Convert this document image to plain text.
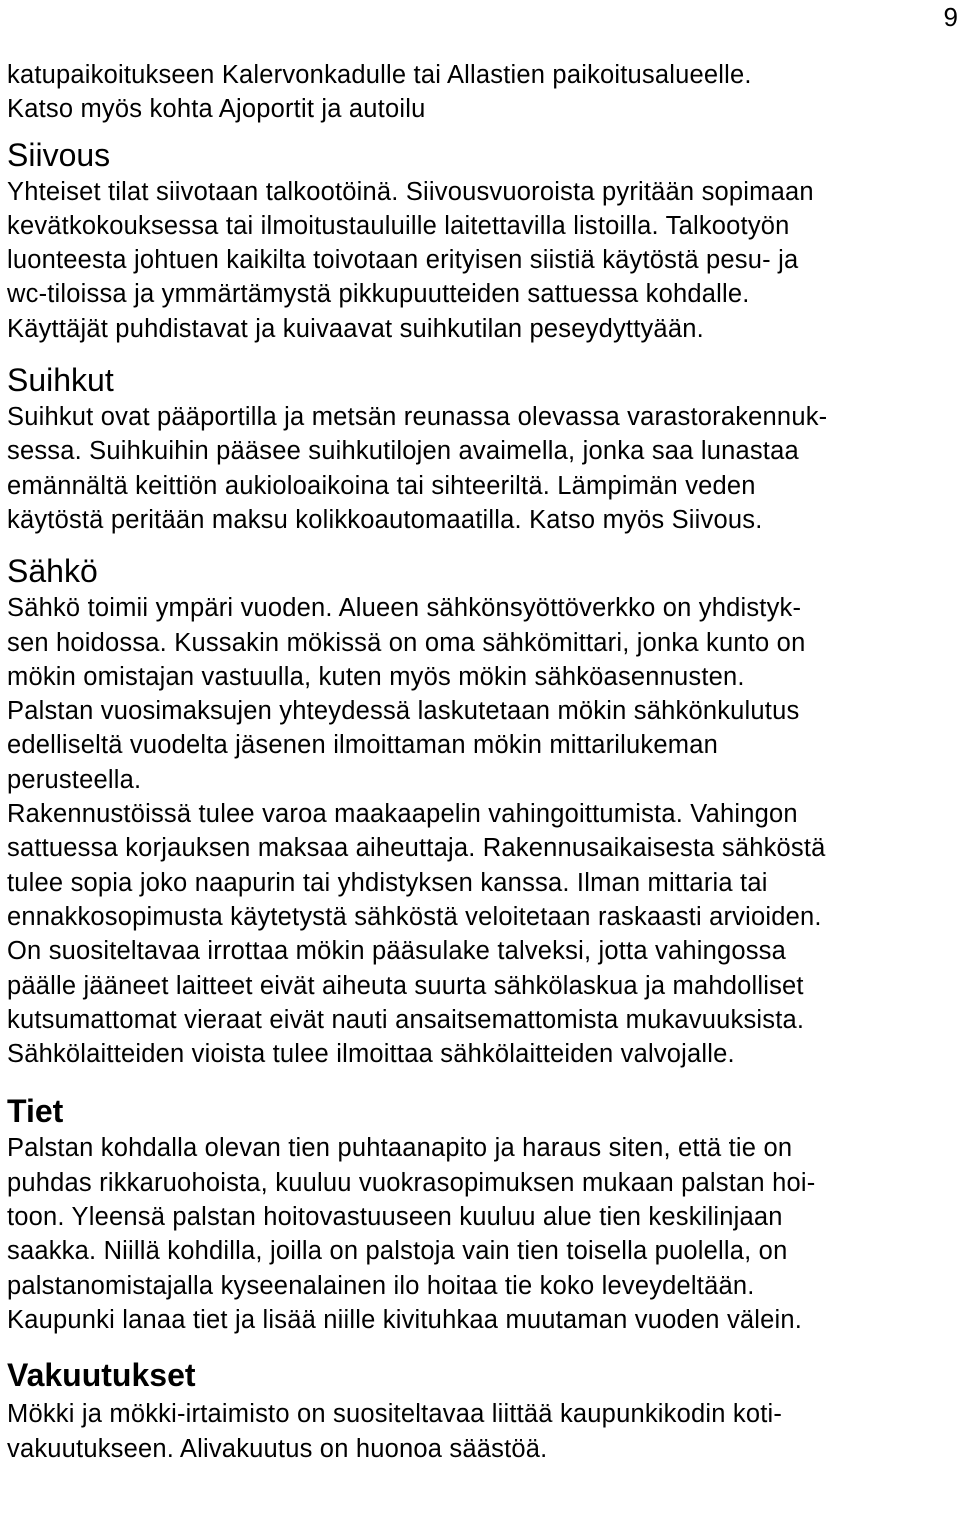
9
katupaikoitukseen Kalervonkadulle tai Allastien paikoitusalueelle.
Katso myös kohta Ajoportit ja autoilu
Siivous
Yhteiset tilat siivotaan talkootöinä. Siivousvuoroista pyritään sopimaan
kevätkokouksessa tai ilmoitustauluille laitettavilla listoilla. Talkootyön
luonteesta johtuen kaikilta toivotaan erityisen siistiä käytöstä pesu- ja
wc-tiloissa ja ymmärtämystä pikkupuutteiden sattuessa kohdalle.
Käyttäjät puhdistavat ja kuivaavat suihkutilan peseydyttyään.
Suihkut
Suihkut ovat pääportilla ja metsän reunassa olevassa varastorakennuk-
sessa. Suihkuihin pääsee suihkutilojen avaimella, jonka saa lunastaa
emännältä keittiön aukioloaikoina tai sihteeriltä. Lämpimän veden
käytöstä peritään maksu kolikkoautomaatilla. Katso myös Siivous.
Sähkö
Sähkö toimii ympäri vuoden. Alueen sähkönsyöttöverkko on yhdistyk-
sen hoidossa. Kussakin mökissä on oma sähkömittari, jonka kunto on
mökin omistajan vastuulla, kuten myös mökin sähköasennusten.
Palstan vuosimaksujen yhteydessä laskutetaan mökin sähkönkulutus
edelliseltä vuodelta jäsenen ilmoittaman mökin mittarilukeman
perusteella.
Rakennustöissä tulee varoa maakaapelin vahingoittumista. Vahingon
sattuessa korjauksen maksaa aiheuttaja. Rakennusaikaisesta sähköstä
tulee sopia joko naapurin tai yhdistyksen kanssa. Ilman mittaria tai
ennakkosopimusta käytetystä sähköstä veloitetaan raskaasti arvioiden.
On suositeltavaa irrottaa mökin pääsulake talveksi, jotta vahingossa
päälle jääneet laitteet eivät aiheuta suurta sähkölaskua ja mahdolliset
kutsumattomat vieraat eivät nauti ansaitsemattomista mukavuuksista.
Sähkölaitteiden vioista tulee ilmoittaa sähkölaitteiden valvojalle.
Tiet
Palstan kohdalla olevan tien puhtaanapito ja haraus siten, että tie on
puhdas rikkaruohoista, kuuluu vuokrasopimuksen mukaan palstan hoi-
toon. Yleensä palstan hoitovastuuseen kuuluu alue tien keskilinjaan
saakka. Niillä kohdilla, joilla on palstoja vain tien toisella puolella, on
palstanomistajalla kyseenalainen ilo hoitaa tie koko leveydeltään.
Kaupunki lanaa tiet ja lisää niille kivituhkaa muutaman vuoden välein.
Vakuutukset
Mökki ja mökki-irtaimisto on suositeltavaa liittää kaupunkikodin koti-
vakuutukseen. Alivakuutus on huonoa säästöä.
